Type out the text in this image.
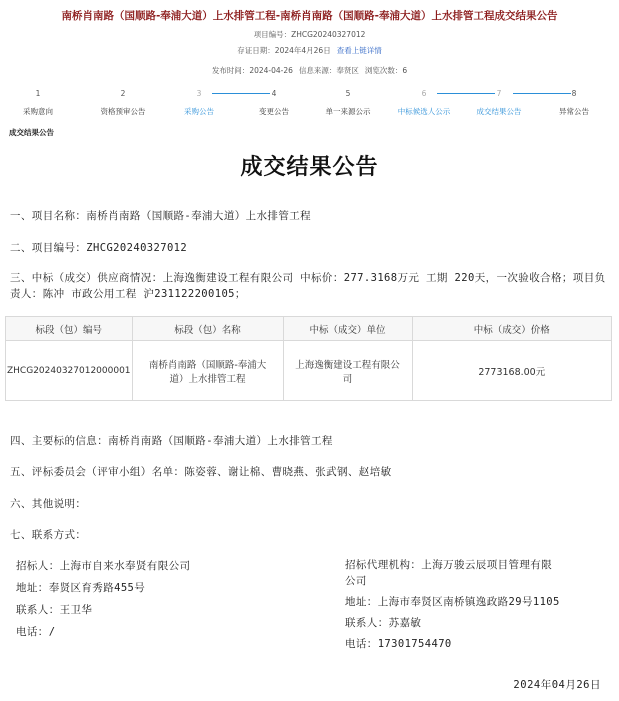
南桥肖南路（国顺路-奉浦大道）上水排管工程-南桥肖南路（国顺路-奉浦大道）上水排管工程成交结果公告
项目编号：ZHCG20240327012
存证日期：2024年4月26日 查看上链详情
发布时间：2024-04-26 信息来源：奉贤区 浏览次数：6
1
采购意向
2
资格预审公告
3
采购公告
4
变更公告
5
单一来源公示
6
中标候选人公示
7
成交结果公告
8
异常公告
成交结果公告
成交结果公告
一、项目名称：南桥肖南路（国顺路-奉浦大道）上水排管工程
二、项目编号：ZHCG20240327012
三、中标（成交）供应商情况：上海逸衡建设工程有限公司 中标价：277.3168万元 工期 220天，一次验收合格；项目负责人：陈冲 市政公用工程 沪231122200105；
标段（包）编号	标段（包）名称	中标（成交）单位	中标（成交）价格
ZHCG20240327012000001	南桥肖南路（国顺路-奉浦大道）上水排管工程	上海逸衡建设工程有限公司	2773168.00元
四、主要标的信息：南桥肖南路（国顺路-奉浦大道）上水排管工程
五、评标委员会（评审小组）名单：陈姿蓉、谢让棉、曹晓燕、张武钢、赵培敏
六、其他说明：
七、联系方式：
招标人：上海市自来水奉贤有限公司
地址：奉贤区育秀路455号
联系人：王卫华
电话：/
招标代理机构：上海万骏云辰项目管理有限
公司
地址：上海市奉贤区南桥镇逸政路29号1105
联系人：苏嘉敏
电话：17301754470
2024年04月26日
